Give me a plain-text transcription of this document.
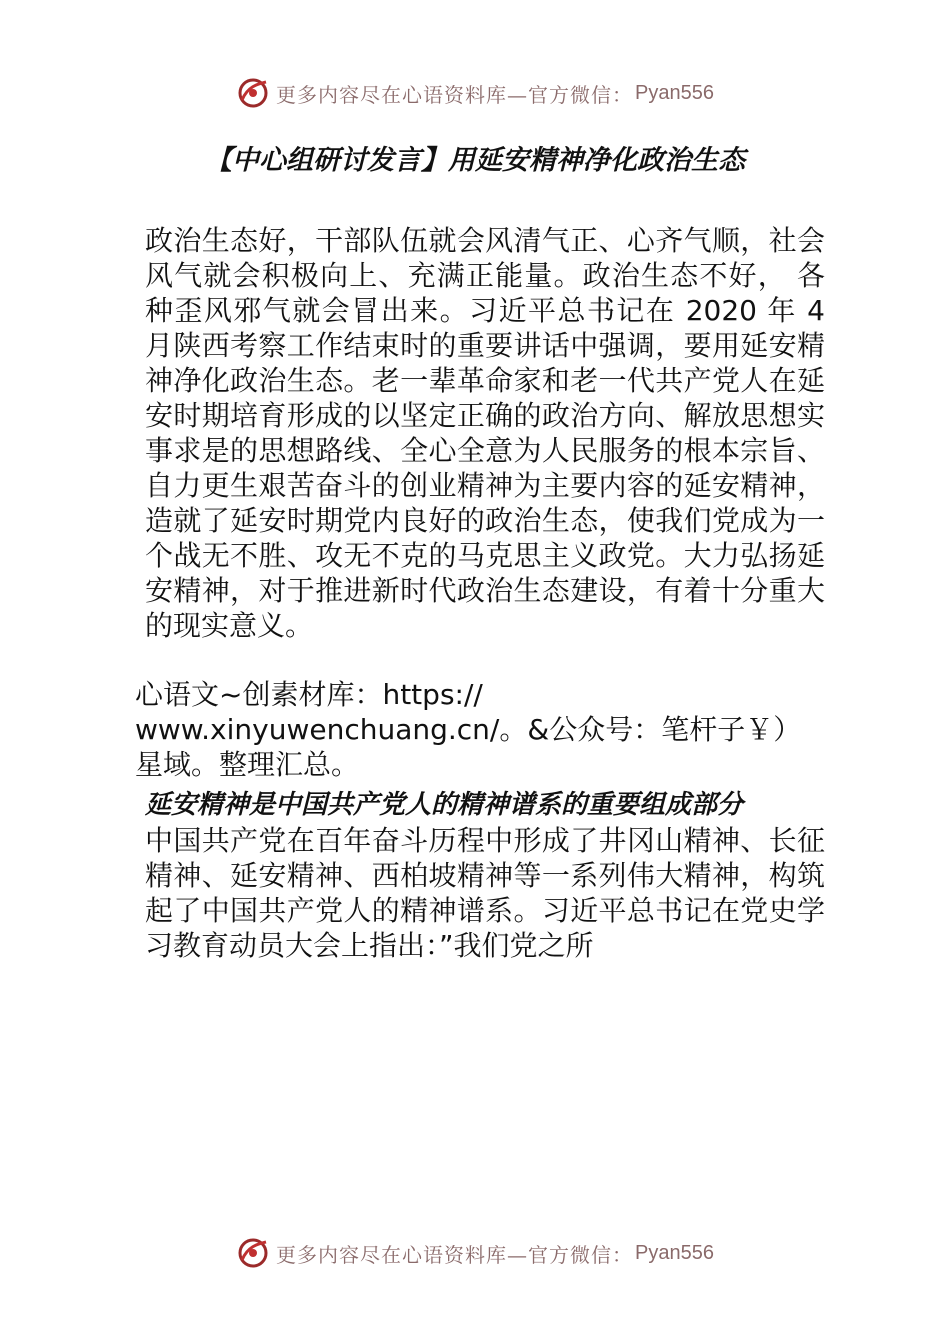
更多内容尽在心语资料库—官方微信： Pyan556
【中心组研讨发言】用延安精神净化政治生态

政治生态好，干部队伍就会风清气正、心齐气顺，社会风气就会积极向上、充满正能量。政治生态不好， 各种歪风邪气就会冒出来。习近平总书记在 2020 年 4 月陕西考察工作结束时的重要讲话中强调，要用延安精神净化政治生态。老一辈革命家和老一代共产党人在延安时期培育形成的以坚定正确的政治方向、解放思想实事求是的思想路线、全心全意为人民服务的根本宗旨、自力更生艰苦奋斗的创业精神为主要内容的延安精神，造就了延安时期党内良好的政治生态，使我们党成为一个战无不胜、攻无不克的马克思主义政党。大力弘扬延安精神，对于推进新时代政治生态建设，有着十分重大的现实意义。

心语文~创素材库：https:// www.xinyuwenchuang.cn/。&公众号：笔杆子￥）星域。整理汇总。

延安精神是中国共产党人的精神谱系的重要组成部分

中国共产党在百年奋斗历程中形成了井冈山精神、长征精神、延安精神、西柏坡精神等一系列伟大精神，构筑起了中国共产党人的精神谱系。习近平总书记在党史学习教育动员大会上指出：”我们党之所

更多内容尽在心语资料库—官方微信： Pyan556
